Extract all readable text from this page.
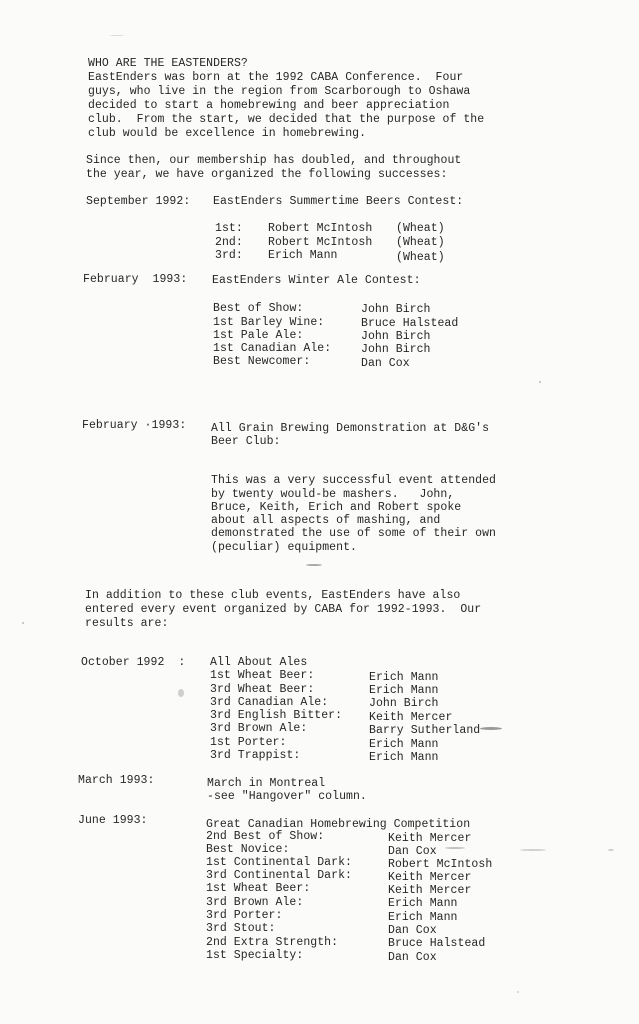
WHO ARE THE EASTENDERS?
EastEnders was born at the 1992 CABA Conference.  Four
guys, who live in the region from Scarborough to Oshawa
decided to start a homebrewing and beer appreciation
club.  From the start, we decided that the purpose of the
club would be excellence in homebrewing.
Since then, our membership has doubled, and throughout
the year, we have organized the following successes:
September 1992: EastEnders Summertime Beers Contest:
1st: Robert McIntosh (Wheat)
2nd: Robert McIntosh (Wheat)
3rd: Erich Mann	(Wheat)
February  1993: EastEnders Winter Ale Contest:
Best of Show:	John Birch
1st Barley Wine:	Bruce Halstead
1st Pale Ale:	John Birch
1st Canadian Ale:	John Birch
Best Newcomer:	Dan Cox
February ·1993: All Grain Brewing Demonstration at D&G's
Beer Club:
This was a very successful event attended
by twenty would-be mashers.   John,
Bruce, Keith, Erich and Robert spoke
about all aspects of mashing, and
demonstrated the use of some of their own
(peculiar) equipment.
In addition to these club events, EastEnders have also
entered every event organized by CABA for 1992-1993.  Our
results are:
October 1992  : All About Ales
1st Wheat Beer:	Erich Mann
3rd Wheat Beer:	Erich Mann
3rd Canadian Ale:	John Birch
3rd English Bitter: Keith Mercer
3rd Brown Ale:	Barry Sutherland
1st Porter:	Erich Mann
3rd Trappist:	Erich Mann
March 1993:	March in Montreal
-see "Hangover" column.
June 1993:	Great Canadian Homebrewing Competition
2nd Best of Show:	Keith Mercer
Best Novice:	Dan Cox
1st Continental Dark:	Robert McIntosh
3rd Continental Dark:	Keith Mercer
1st Wheat Beer:	Keith Mercer
3rd Brown Ale:	Erich Mann
3rd Porter:	Erich Mann
3rd Stout:	Dan Cox
2nd Extra Strength:	Bruce Halstead
1st Specialty:	Dan Cox
